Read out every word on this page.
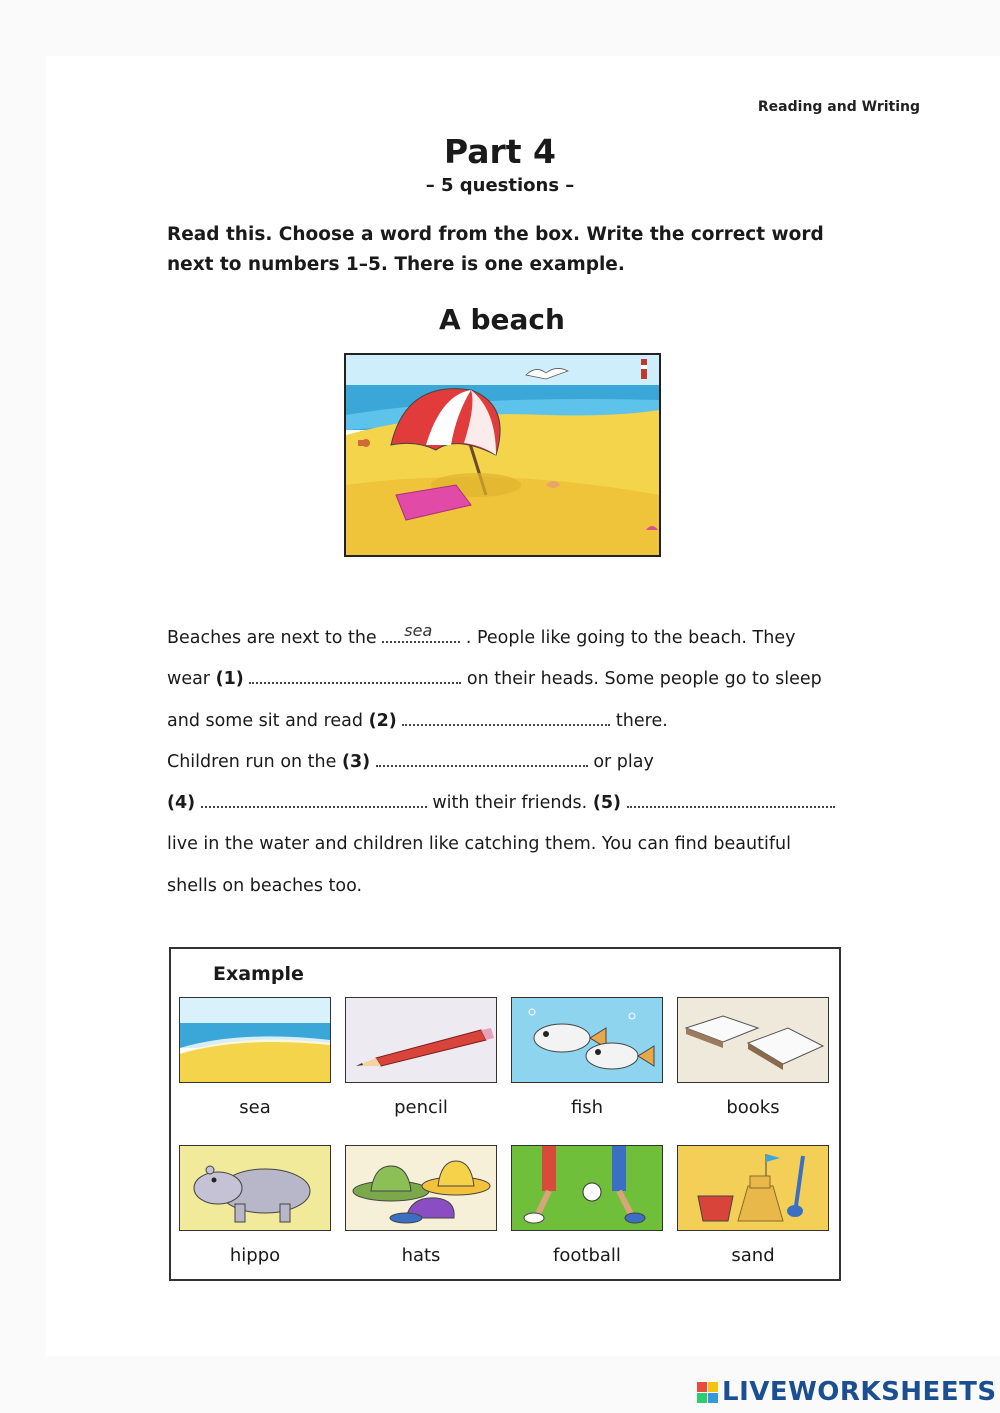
Reading and Writing
Part 4
– 5 questions –
Read this. Choose a word from the box. Write the correct word
next to numbers 1–5. There is one example.
A beach
Beaches are next to the sea . People like going to the beach. They
wear (1)	on their heads. Some people go to sleep
and some sit and read (2)	there.
Children run on the (3)	or play
(4)	with their friends. (5)
live in the water and children like catching them. You can find beautiful
shells on beaches too.
Example
sea	pencil	fish	books
hippo	hats	football	sand
LIVEWORKSHEETS
